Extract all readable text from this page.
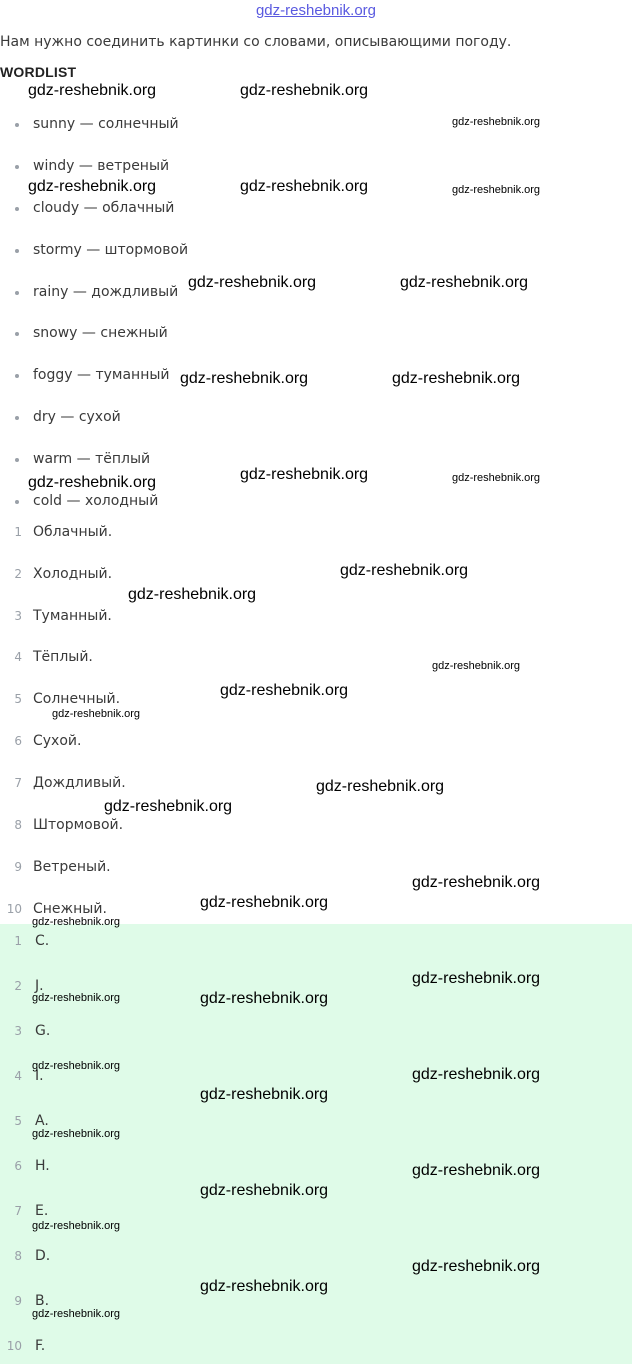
gdz-reshebnik.org
Нам нужно соединить картинки со словами, описывающими погоду.
WORDLIST
sunny — солнечный
windy — ветреный
cloudy — облачный
stormy — штормовой
rainy — дождливый
snowy — снежный
foggy — туманный
dry — сухой
warm — тёплый
cold — холодный
1 Облачный.
2 Холодный.
3 Туманный.
4 Тёплый.
5 Солнечный.
6 Сухой.
7 Дождливый.
8 Штормовой.
9 Ветреный.
10 Снежный.
1 C.
2 J.
3 G.
4 I.
5 A.
6 H.
7 E.
8 D.
9 B.
10 F.
gdz-reshebnik.org	gdz-reshebnik.org
gdz-reshebnik.org
gdz-reshebnik.org	gdz-reshebnik.org	gdz-reshebnik.org
gdz-reshebnik.org	gdz-reshebnik.org
gdz-reshebnik.org	gdz-reshebnik.org
gdz-reshebnik.org	gdz-reshebnik.org
gdz-reshebnik.org
gdz-reshebnik.org
gdz-reshebnik.org
gdz-reshebnik.org
gdz-reshebnik.org
gdz-reshebnik.org
gdz-reshebnik.org
gdz-reshebnik.org
gdz-reshebnik.org
gdz-reshebnik.org
gdz-reshebnik.org
gdz-reshebnik.org
gdz-reshebnik.org	gdz-reshebnik.org
gdz-reshebnik.org	gdz-reshebnik.org
gdz-reshebnik.org
gdz-reshebnik.org
gdz-reshebnik.org
gdz-reshebnik.org
gdz-reshebnik.org
gdz-reshebnik.org
gdz-reshebnik.org
gdz-reshebnik.org
